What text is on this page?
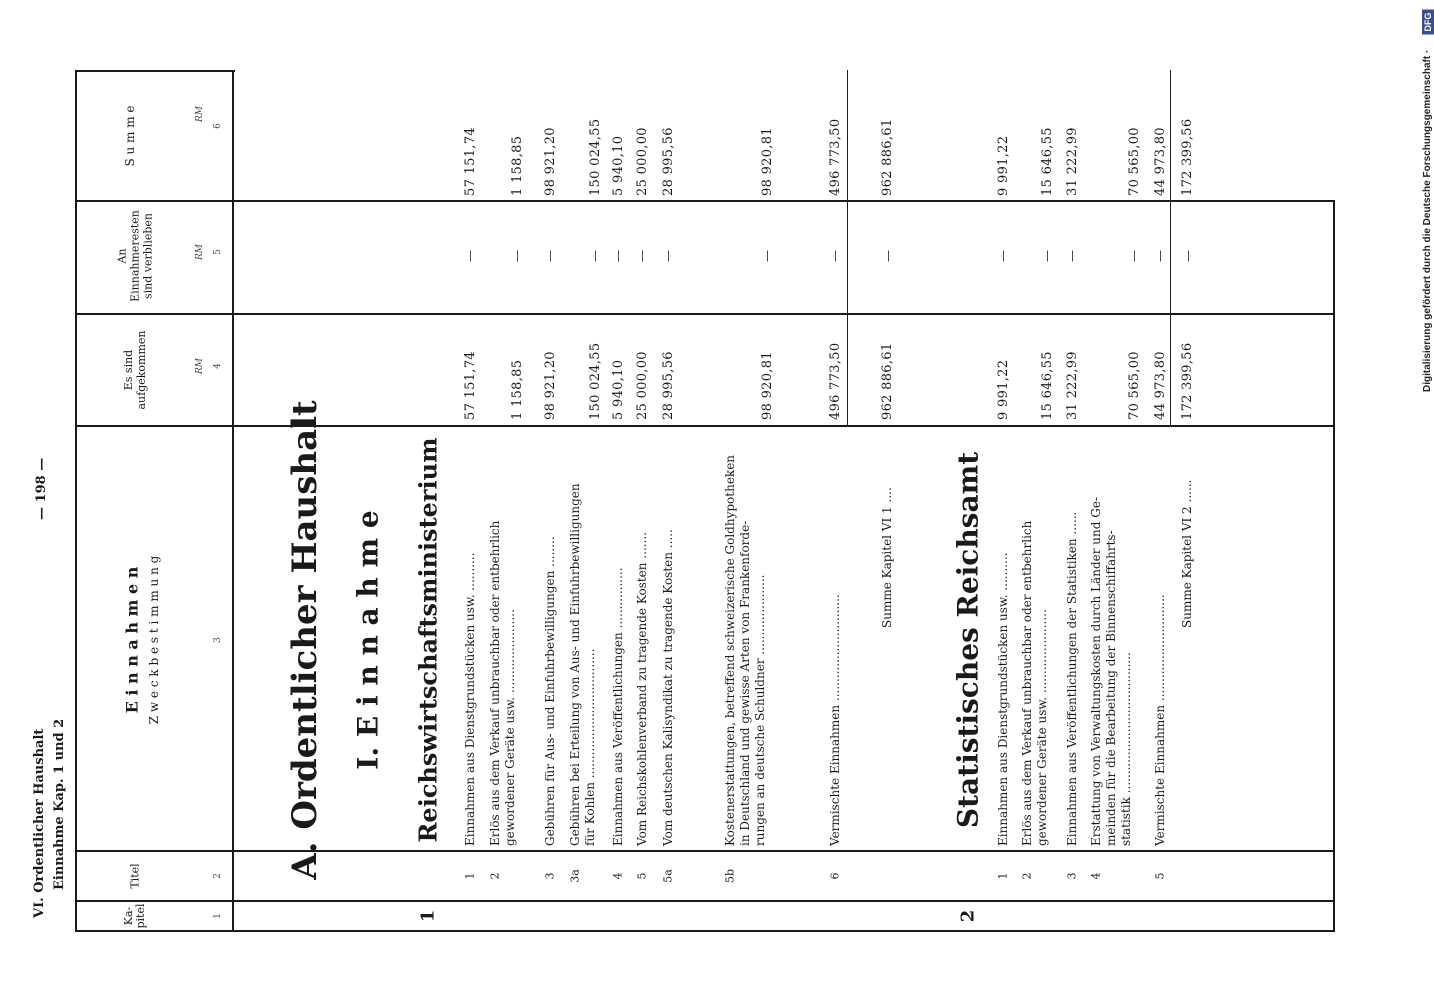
VI. Ordentlicher Haushalt Einnahme Kap. 1 und 2
— 198 —
Digitalisierung gefördert durch die Deutsche Forschungsgemeinschaft ·
DFG
Ka-
pitel
Titel
E i n n a h m e n Z w e c k b e s t i m m u n g
Es sind
aufgekommen
An
Einnahmeresten
sind verblieben
S u m m e
RM
RM
RM
1
2
3
4
5
6
A. Ordentlicher Haushalt I. E i n n a h m e Reichswirtschaftsministerium	Statistisches Reichsamt
1	2
1
Einnahmen aus Dienstgrundstücken usw. ..........
57 151,74
—
57 151,74
2
Erlös aus dem Verkauf unbrauchbar oder entbehrlich
gewordener Geräte usw. ......................
1 158,85
—
1 158,85
3
Gebühren für Aus- und Einfuhrbewilligungen ........
98 921,20
—
98 921,20
3a
Gebühren bei Erteilung von Aus- und Einfuhrbewilligungen
für Kohlen ..................................
150 024,55
—
150 024,55
4
Einnahmen aus Veröffentlichungen ................
5 940,10
—
5 940,10
5
Vom Reichskohlenverband zu tragende Kosten .......
25 000,00
—
25 000,00
5a
Vom deutschen Kalisyndikat zu tragende Kosten .....
28 995,56
—
28 995,56
5b
Kostenerstattungen, betreffend schweizerische Goldhypotheken
in Deutschland und gewisse Arten von Frankenforde-
rungen an deutsche Schuldner .....................
98 920,81
—
98 920,81
6
Vermischte Einnahmen ............................
496 773,50
—
496 773,50
Summe Kapitel VI 1 ....
962 886,61
—
962 886,61
1
Einnahmen aus Dienstgrundstücken usw. ..........
9 991,22
—
9 991,22
2
Erlös aus dem Verkauf unbrauchbar oder entbehrlich
gewordener Geräte usw. ......................
15 646,55
—
15 646,55
3
Einnahmen aus Veröffentlichungen der Statistiken ......
31 222,99
—
31 222,99
4
Erstattung von Verwaltungskosten durch Länder und Ge-
meinden für die Bearbeitung der Binnenschiffahrts-
statistik .....................................
70 565,00
—
70 565,00
5
Vermischte Einnahmen ............................
44 973,80
—
44 973,80
Summe Kapitel VI 2 ......
172 399,56
—
172 399,56
